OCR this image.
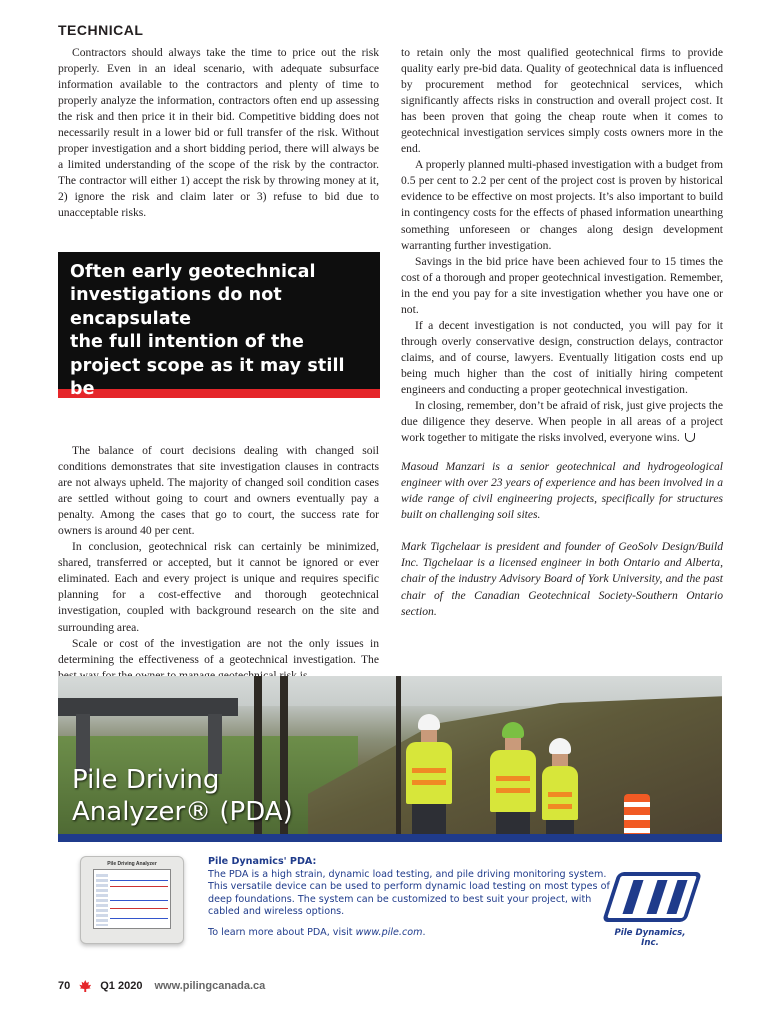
TECHNICAL

Contractors should always take the time to price out the risk properly. Even in an ideal scenario, with adequate subsurface information available to the contractors and plenty of time to properly analyze the information, contractors often end up assessing the risk and then price it in their bid. Competitive bidding does not necessarily result in a lower bid or full transfer of the risk. Without proper investigation and a short bidding period, there will always be a limited understanding of the scope of the risk by the contractor. The contractor will either 1) accept the risk by throwing money at it, 2) ignore the risk and claim later or 3) refuse to bid due to unacceptable risks.

Often early geotechnical
investigations do not encapsulate
the full intention of the
project scope as it may still be
in development.

The balance of court decisions dealing with changed soil conditions demonstrates that site investigation clauses in contracts are not always upheld. The majority of changed soil condition cases are settled without going to court and owners eventually pay a penalty. Among the cases that go to court, the success rate for owners is around 40 per cent.

In conclusion, geotechnical risk can certainly be minimized, shared, transferred or accepted, but it cannot be ignored or ever eliminated. Each and every project is unique and requires specific planning for a cost-effective and thorough geotechnical investigation, coupled with background research on the site and surrounding area.

Scale or cost of the investigation are not the only issues in determining the effectiveness of a geotechnical investigation. The

to retain only the most qualified geotechnical firms to provide quality early pre-bid data. Quality of geotechnical data is influenced by procurement method for geotechnical services, which significantly affects risks in construction and overall project cost. It has been proven that going the cheap route when it comes to geotechnical investigation services simply costs owners more in the end.

A properly planned multi-phased investigation with a budget from 0.5 per cent to 2.2 per cent of the project cost is proven by historical evidence to be effective on most projects. It’s also important to build in contingency costs for the effects of phased information unearthing something unforeseen or changes along design development warranting further investigation.

Savings in the bid price have been achieved four to 15 times the cost of a thorough and proper geotechnical investigation. Remember, in the end you pay for a site investigation whether you have one or not.

If a decent investigation is not conducted, you will pay for it through overly conservative design, construction delays, contractor claims, and of course, lawyers. Eventually litigation costs end up being much higher than the cost of initially hiring competent engineers and conducting a proper geotechnical investigation.

In closing, remember, don’t be afraid of risk, just give projects the due diligence they deserve. When people in all areas of a project work together to mitigate the risks involved, everyone wins.

Masoud Manzari is a senior geotechnical and hydrogeological engineer with over 23 years of experience and has been involved in a wide range of civil engineering projects, specifically for structures built on challenging soil sites.

Mark Tigchelaar is president and founder of GeoSolv Design/Build Inc. Tigchelaar is a licensed engineer in both Ontario and Alberta, chair of the industry Advisory Board of York University, and the past chair of the Canadian Geotechnical Society-Southern Ontario section.

Pile Driving
Analyzer® (PDA)
Pile Driving Analyzer	Pile Dynamics' PDA:
The PDA is a high strain, dynamic load testing, and pile driving monitoring system. This versatile device can be used to perform dynamic load testing on most types of deep foundations. The system can be customized to best suit your project, with cabled and wireless options.
To learn more about PDA, visit www.pile.com.	Pile Dynamics, Inc.
70	Q1 2020 www.pilingcanada.ca
